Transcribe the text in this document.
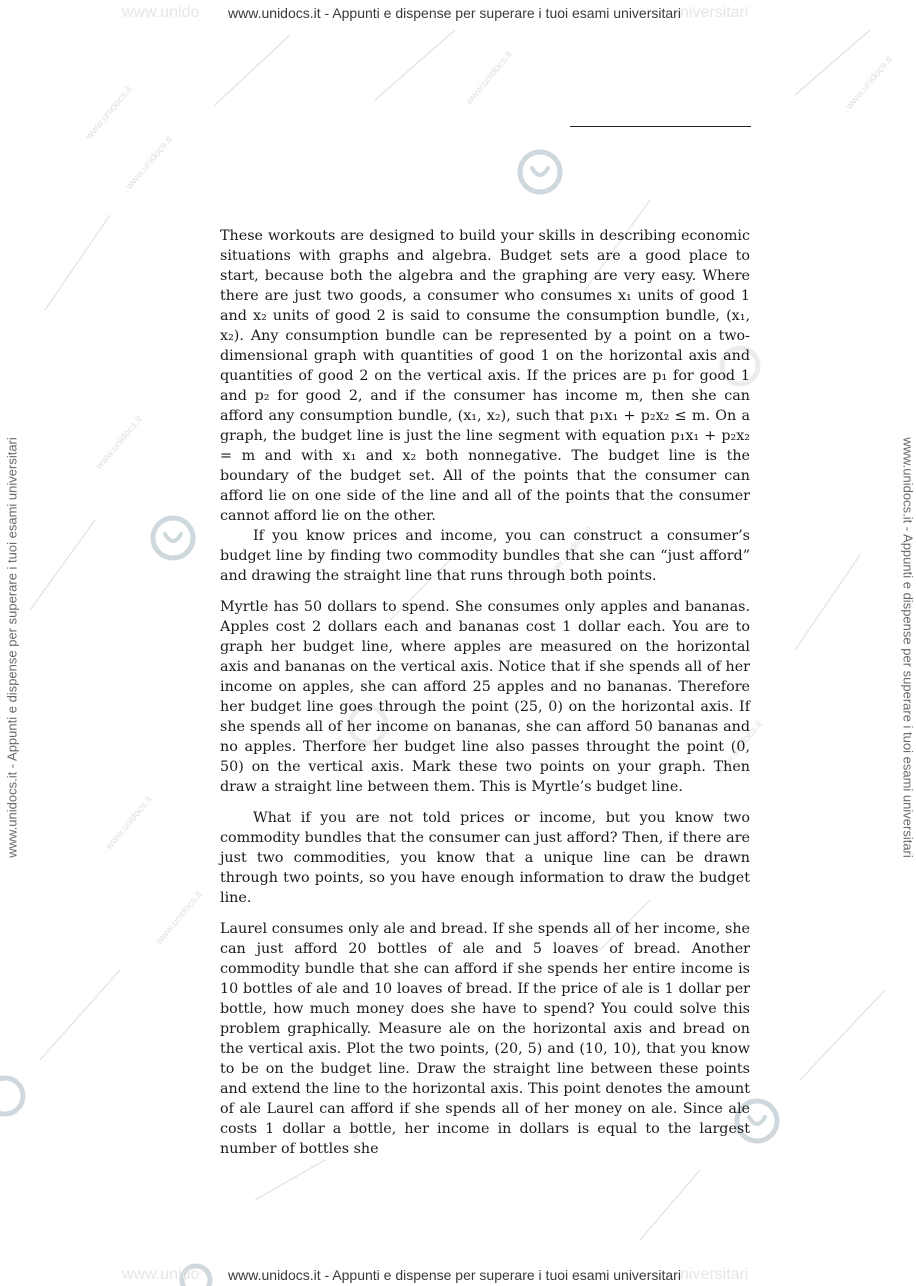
www.unidocs.it
www.unidocs.it	www.unidocs.it
www.unidocs.it
www.unidocs.it
www.unidocs.it
www.unidocs.it
www.unidocs.it
www.unidocs.it
www.unidocs.it
www.unido	niversitari
www.unido	niversitari
www.unidocs.it - Appunti e dispense per superare i tuoi esami universitari
www.unidocs.it - Appunti e dispense per superare i tuoi esami universitari
www.unidocs.it - Appunti e dispense per superare i tuoi esami universitari	www.unidocs.it - Appunti e dispense per superare i tuoi esami universitari

These workouts are designed to build your skills in describing economic situations with graphs and algebra. Budget sets are a good place to start, because both the algebra and the graphing are very easy. Where there are just two goods, a consumer who consumes x₁ units of good 1 and x₂ units of good 2 is said to consume the consumption bundle, (x₁, x₂). Any consumption bundle can be represented by a point on a two-dimensional graph with quantities of good 1 on the horizontal axis and quantities of good 2 on the vertical axis. If the prices are p₁ for good 1 and p₂ for good 2, and if the consumer has income m, then she can afford any consumption bundle, (x₁, x₂), such that p₁x₁ + p₂x₂ ≤ m. On a graph, the budget line is just the line segment with equation p₁x₁ + p₂x₂ = m and with x₁ and x₂ both nonnegative. The budget line is the boundary of the budget set. All of the points that the consumer can afford lie on one side of the line and all of the points that the consumer cannot afford lie on the other.

If you know prices and income, you can construct a consumer’s budget line by finding two commodity bundles that she can “just afford” and drawing the straight line that runs through both points.

Myrtle has 50 dollars to spend. She consumes only apples and bananas. Apples cost 2 dollars each and bananas cost 1 dollar each. You are to graph her budget line, where apples are measured on the horizontal axis and bananas on the vertical axis. Notice that if she spends all of her income on apples, she can afford 25 apples and no bananas. Therefore her budget line goes through the point (25, 0) on the horizontal axis. If she spends all of her income on bananas, she can afford 50 bananas and no apples. Therfore her budget line also passes throught the point (0, 50) on the vertical axis. Mark these two points on your graph. Then draw a straight line between them. This is Myrtle’s budget line.

What if you are not told prices or income, but you know two commodity bundles that the consumer can just afford? Then, if there are just two commodities, you know that a unique line can be drawn through two points, so you have enough information to draw the budget line.

Laurel consumes only ale and bread. If she spends all of her income, she can just afford 20 bottles of ale and 5 loaves of bread. Another commodity bundle that she can afford if she spends her entire income is 10 bottles of ale and 10 loaves of bread. If the price of ale is 1 dollar per bottle, how much money does she have to spend? You could solve this problem graphically. Measure ale on the horizontal axis and bread on the vertical axis. Plot the two points, (20, 5) and (10, 10), that you know to be on the budget line. Draw the straight line between these points and extend the line to the horizontal axis. This point denotes the amount of ale Laurel can afford if she spends all of her money on ale. Since ale costs 1 dollar a bottle, her income in dollars is equal to the largest number of bottles she
